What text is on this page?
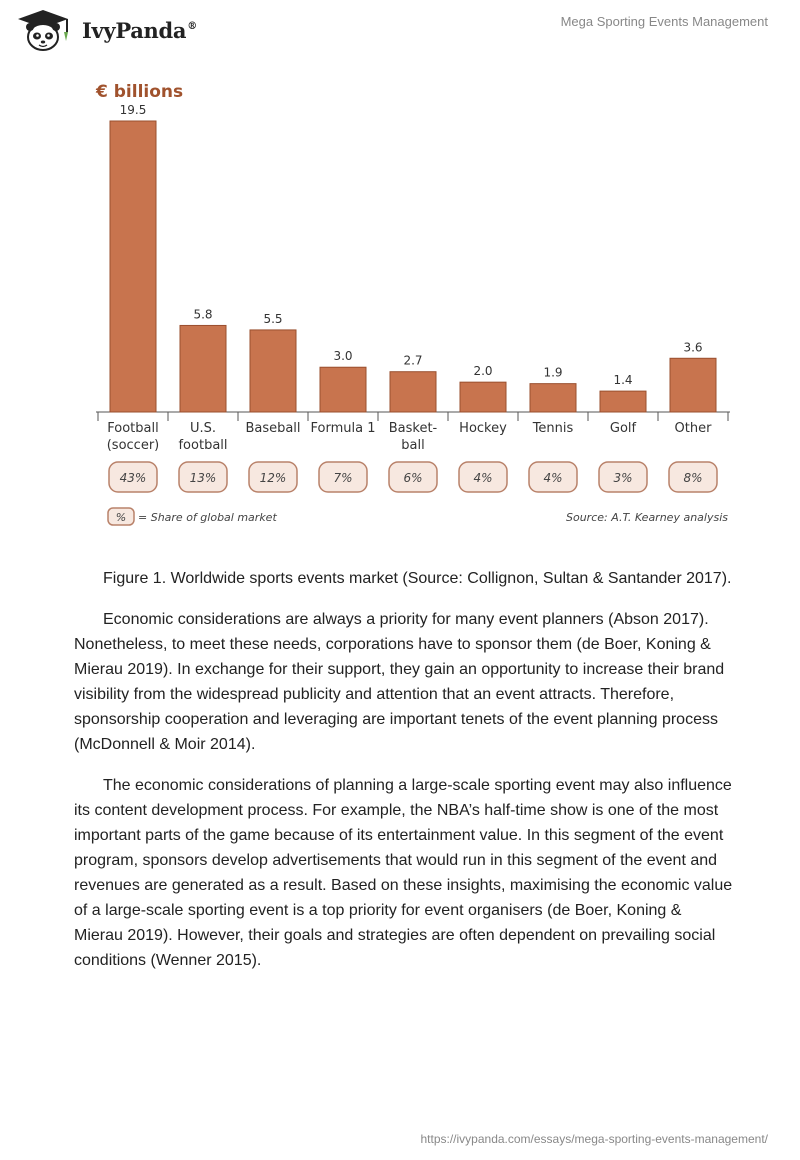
IvyPanda®	Mega Sporting Events Management
€ billions
19.5
Football
(soccer)
43%
5.8
U.S.
football
13%
5.5
Baseball
12%
3.0
Formula 1
7%
2.7
Basket-
ball
6%
2.0
Hockey
4%
1.9
Tennis
4%
1.4
Golf
3%
3.6
Other
8%
% = Share of global market	Source: A.T. Kearney analysis

Figure 1. Worldwide sports events market (Source: Collignon, Sultan & Santander 2017).

Economic considerations are always a priority for many event planners (Abson 2017). Nonetheless, to meet these needs, corporations have to sponsor them (de Boer, Koning & Mierau 2019). In exchange for their support, they gain an opportunity to increase their brand visibility from the widespread publicity and attention that an event attracts. Therefore, sponsorship cooperation and leveraging are important tenets of the event planning process (McDonnell & Moir 2014).

The economic considerations of planning a large-scale sporting event may also influence its content development process. For example, the NBA’s half-time show is one of the most important parts of the game because of its entertainment value. In this segment of the event program, sponsors develop advertisements that would run in this segment of the event and revenues are generated as a result. Based on these insights, maximising the economic value of a large-scale sporting event is a top priority for event organisers (de Boer, Koning & Mierau 2019). However, their goals and strategies are often dependent on prevailing social conditions (Wenner 2015).

https://ivypanda.com/essays/mega-sporting-events-management/
